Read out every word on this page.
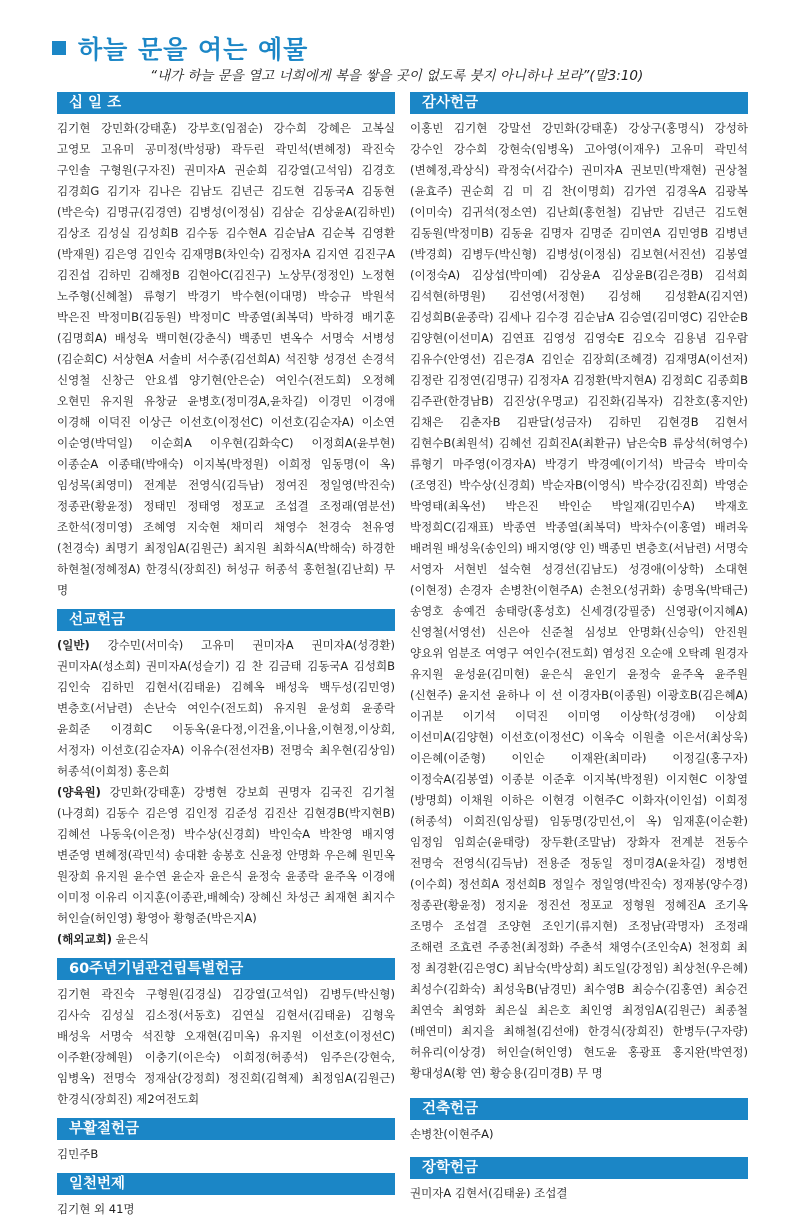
하늘 문을 여는 예물
“내가 하늘 문을 열고 너희에게 복을 쌓을 곳이 없도록 붓지 아니하나 보라”(말3:10)
십 일 조
김기현 강민화(강태훈) 강부호(임점순) 강수희 강혜은 고복실 고영모 고유미 공미정(박성팡) 곽두린 곽민석(변혜정) 곽진숙 구인솔 구형원(구자진) 권미자A 권순희 김강열(고석임) 김경호 김경희G 김기자 김나은 김남도 김년근 김도현 김동국A 김동현(박은숙) 김명규(김경연) 김병성(이정심) 김삼순 김상윤A(김하빈) 김상조 김성실 김성희B 김수동 김수현A 김순남A 김순복 김영환(박재원) 김은영 김인숙 김재명B(차인숙) 김정자A 김지연 김진구A 김진섭 김하민 김해정B 김현아C(김진구) 노상무(정정인) 노정현 노주형(신혜철) 류형기 박경기 박수현(이대명) 박승규 박원석 박은진 박정미B(김동원) 박정미C 박종열(최복덕) 박하경 배기훈(김명희A) 배성욱 백미현(강춘식) 백종민 변옥수 서명숙 서병성(김순희C) 서상현A 서솔비 서수종(김선희A) 석진향 성경선 손경석 신영철 신창근 안요셉 양기현(안은순) 여인수(전도희) 오정혜 오현민 유지원 유창균 윤병호(정미경A,윤차길) 이경민 이경애 이경해 이덕진 이상근 이선호(이정선C) 이선호(김순자A) 이소연 이순영(박덕일) 이순희A 이우현(김화숙C) 이정희A(윤부현) 이종순A 이종태(박애숙) 이지복(박정원) 이희정 임동명(이 옥) 임성목(최영미) 전계분 전영식(김득남) 정여진 정일영(박진숙) 정종관(황윤정) 정태민 정태영 정포교 조섭결 조정래(염분선) 조한석(정미영) 조혜영 지숙현 채미리 채영수 천경숙 천유영(천경숙) 최명기 최정임A(김원근) 최지원 최화식A(박해숙) 하경한 하현철(정혜정A) 한경식(장희진) 허성규 허종석 홍헌철(김난희) 무 명
선교헌금
(일반) 강수민(서미숙) 고유미 권미자A 권미자A(성경환) 권미자A(성소희) 권미자A(성슬기) 김 찬 김금태 김동국A 김성희B 김인숙 김하민 김현서(김태윤) 김혜옥 배성욱 백두성(김민영) 변층호(서남련) 손난숙 여인수(전도희) 유지원 윤성희 윤종락 윤희준 이경희C 이동옥(윤다정,이건율,이나율,이현정,이상희,서정자) 이선호(김순자A) 이유수(전선자B) 전명숙 최우현(김상임) 허종석(이희정) 홍은희
(양육원) 강민화(강태훈) 강병현 강보희 권명자 김국진 김기철(나경희) 김동수 김은영 김인정 김준성 김진산 김현경B(박지현B) 김혜선 나동욱(이은정) 박수상(신경희) 박인숙A 박찬영 배지영 변준영 변혜정(곽민석) 송대환 송봉호 신윤정 안명화 우은혜 원민옥 원장희 유지원 윤수연 윤순자 윤은식 윤정숙 윤종락 윤주옥 이경애 이미정 이유리 이지훈(이종관,배혜숙) 장혜신 차성근 최재현 최지수 허인슬(허인영) 황영아 황형준(박은지A)
(해외교회) 윤은식
60주년기념관건립특별헌금
김기현 곽진숙 구형원(김경실) 김강열(고석임) 김병두(박신형) 김사숙 김성실 김소정(서동호) 김연실 김현서(김태윤) 김형욱 배성욱 서명숙 석진향 오재현(김미옥) 유지원 이선호(이정선C) 이주환(장혜원) 이충기(이은숙) 이희정(허종석) 임주은(강현숙,임병옥) 전명숙 정재삼(강정희) 정진희(김혁제) 최정임A(김원근) 한경식(장희진) 제2여전도회
부활절헌금
김민주B
일천번제
김기현 외 41명
감사헌금
이홍빈 김기현 강말선 강민화(강태훈) 강상구(홍명식) 강성하 강수인 강수희 강현숙(임병옥) 고아영(이재우) 고유미 곽민석(변혜정,곽상식) 곽정숙(서갑수) 권미자A 권보민(박재현) 권상철(윤효주) 권순희 김 미 김 찬(이명희) 김가연 김경옥A 김광복(이미숙) 김귀석(정소연) 김난희(홍헌철) 김남만 김년근 김도현 김동원(박정미B) 김동윤 김명자 김명준 김미연A 김민영B 김병년(박경희) 김병두(박신형) 김병성(이정심) 김보현(서진선) 김봉열(이정숙A) 김상섭(박미예) 김상윤A 김상윤B(김은경B) 김석희 김석현(하명원) 김선영(서정현) 김성해 김성환A(김지연) 김성희B(윤종락) 김세나 김수경 김순남A 김승열(김미영C) 김안순B 김양현(이선미A) 김연표 김영성 김영숙E 김오숙 김용념 김우람 김유수(안영선) 김은경A 김인순 김장희(조혜경) 김재명A(이선저) 김정란 김정연(김명규) 김정자A 김정환(박지현A) 김정희C 김종희B 김주관(한경남B) 김진상(우명교) 김진화(김복자) 김찬호(홍지안) 김채은 김춘자B 김판달(성금자) 김하민 김현경B 김현서 김현수B(최원석) 김혜선 김희진A(최환규) 남은숙B 류상석(허영수) 류형기 마주영(이경자A) 박경기 박경예(이기석) 박금숙 박미숙(조영진) 박수상(신경희) 박순자B(이영식) 박수강(김진희) 박영순 박영태(최옥선) 박은진 박인순 박일재(김민수A) 박재호 박정희C(김재표) 박종연 박종열(최복덕) 박차수(이홍열) 배려욱 배려원 배성욱(송인의) 배지영(양 인) 백종민 변층호(서남련) 서명숙 서영자 서현빈 설숙현 성경선(김남도) 성경애(이상학) 소대현(이현정) 손경자 손병찬(이현주A) 손천오(성귀화) 송명옥(박태근) 송영호 송예건 송태랑(홍성호) 신세경(강필중) 신영광(이지혜A) 신영철(서영선) 신은아 신준철 심성보 안명화(신승익) 안진원 양요위 엄분조 여영구 여인수(전도희) 염성진 오순애 오탁례 원경자 유지원 윤성윤(김미현) 윤은식 윤인기 윤정숙 윤주옥 윤주원(신현주) 윤지선 윤하나 이 선 이경자B(이종원) 이광호B(김은혜A) 이귀분 이기석 이덕진 이미영 이상학(성경애) 이상희 이선미A(김양현) 이선호(이정선C) 이옥숙 이원출 이은서(최상욱) 이은혜(이준형) 이인순 이재완(최미라) 이정길(홍구자) 이정숙A(김봉열) 이종분 이준후 이지복(박정원) 이지현C 이창열(방명희) 이채원 이하은 이현경 이현주C 이화자(이인섭) 이희정(허종석) 이희진(임상필) 임동명(강민선,이 옥) 임재훈(이순환) 임정임 임희순(윤태랑) 장두환(조말남) 장화자 전계분 전동수 전명숙 전영식(김득남) 전용준 정동일 정미경A(윤차길) 정병헌(이수희) 정선희A 정선희B 정일수 정일영(박진숙) 정재봉(양수경) 정종관(황윤정) 정지윤 정진선 정포교 정형원 정혜진A 조기옥 조명수 조섭결 조양현 조인기(류지현) 조정남(곽명자) 조정래 조해련 조효련 주종천(최정화) 주춘석 채영수(조인숙A) 천정희 최 정 최경환(김은영C) 최남숙(박상희) 최도일(강정임) 최상천(우은혜) 최성수(김화숙) 최성욱B(남경민) 최수영B 최승수(김홍연) 최승건 최연숙 최영화 최은실 최은호 최인영 최정임A(김원근) 최종철(배연미) 최지을 최해철(김선애) 한경식(장희진) 한병두(구자량) 허유리(이상경) 허인슬(허인영) 현도윤 홍광표 홍지완(박연정) 황대성A(황 연) 황승용(김미경B) 무 명
건축헌금
손병찬(이현주A)
장학헌금
권미자A 김현서(김태윤) 조섭결
